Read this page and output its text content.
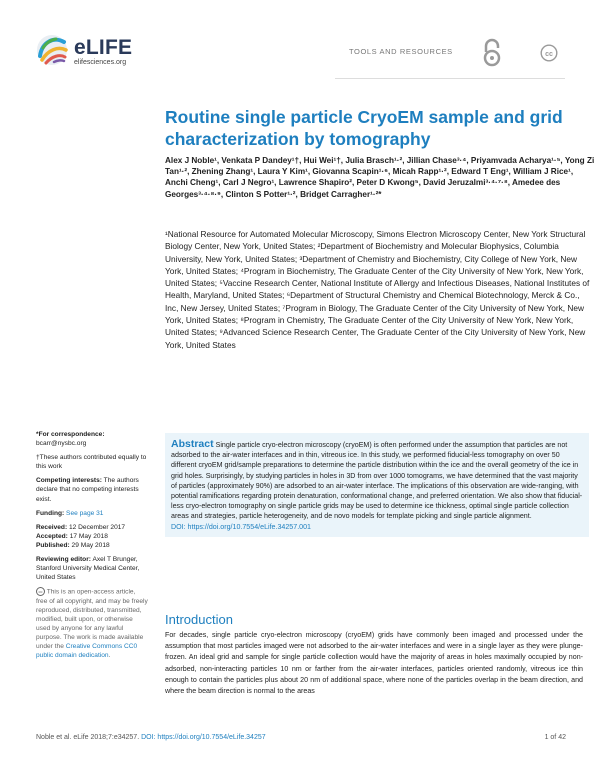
eLIFE
elifesciences.org
TOOLS AND RESOURCES	cc
Routine single particle CryoEM sample and grid characterization by tomography
Alex J Noble¹, Venkata P Dandey¹†, Hui Wei¹†, Julia Brasch¹·², Jillian Chase³·⁴, Priyamvada Acharya¹·⁵, Yong Zi Tan¹·², Zhening Zhang¹, Laura Y Kim¹, Giovanna Scapin¹·⁶, Micah Rapp¹·², Edward T Eng¹, William J Rice¹, Anchi Cheng¹, Carl J Negro¹, Lawrence Shapiro², Peter D Kwong⁵, David Jeruzalmi³·⁴·⁷·⁸, Amedee des Georges³·⁴·⁸·⁹, Clinton S Potter¹·², Bridget Carragher¹·²*
¹National Resource for Automated Molecular Microscopy, Simons Electron Microscopy Center, New York Structural Biology Center, New York, United States; ²Department of Biochemistry and Molecular Biophysics, Columbia University, New York, United States; ³Department of Chemistry and Biochemistry, City College of New York, New York, United States; ⁴Program in Biochemistry, The Graduate Center of the City University of New York, New York, United States; ⁵Vaccine Research Center, National Institute of Allergy and Infectious Diseases, National Institutes of Health, Maryland, United States; ⁶Department of Structural Chemistry and Chemical Biotechnology, Merck & Co., Inc, New Jersey, United States; ⁷Program in Biology, The Graduate Center of the City University of New York, New York, United States; ⁸Program in Chemistry, The Graduate Center of the City University of New York, New York, United States; ⁹Advanced Science Research Center, The Graduate Center of the City University of New York, New York, United States
*For correspondence:
bcarr@nysbc.org
†These authors contributed equally to this work
Competing interests: The authors declare that no competing interests exist.
Funding: See page 31
Received: 12 December 2017
Accepted: 17 May 2018
Published: 29 May 2018
Reviewing editor: Axel T Brunger, Stanford University Medical Center, United States
cc This is an open-access article, free of all copyright, and may be freely reproduced, distributed, transmitted, modified, built upon, or otherwise used by anyone for any lawful purpose. The work is made available under the Creative Commons CC0 public domain dedication.
Abstract Single particle cryo-electron microscopy (cryoEM) is often performed under the assumption that particles are not adsorbed to the air-water interfaces and in thin, vitreous ice. In this study, we performed fiducial-less tomography on over 50 different cryoEM grid/sample preparations to determine the particle distribution within the ice and the overall geometry of the ice in grid holes. Surprisingly, by studying particles in holes in 3D from over 1000 tomograms, we have determined that the vast majority of particles (approximately 90%) are adsorbed to an air-water interface. The implications of this observation are wide-ranging, with potential ramifications regarding protein denaturation, conformational change, and preferred orientation. We also show that fiducial-less cryo-electron tomography on single particle grids may be used to determine ice thickness, optimal single particle collection areas and strategies, particle heterogeneity, and de novo models for template picking and single particle alignment.
DOI: https://doi.org/10.7554/eLife.34257.001
Introduction
For decades, single particle cryo-electron microscopy (cryoEM) grids have commonly been imaged and processed under the assumption that most particles imaged were not adsorbed to the air-water interfaces and were in a single layer as they were plunge-frozen. An ideal grid and sample for single particle collection would have the majority of areas in holes maximally occupied by non-adsorbed, non-interacting particles 10 nm or farther from the air-water interfaces, particles oriented randomly, vitreous ice thin enough to contain the particles plus about 20 nm of additional space, where none of the particles overlap in the beam direction, and where the beam direction is normal to the areas
Noble et al. eLife 2018;7:e34257. DOI: https://doi.org/10.7554/eLife.34257	1 of 42
